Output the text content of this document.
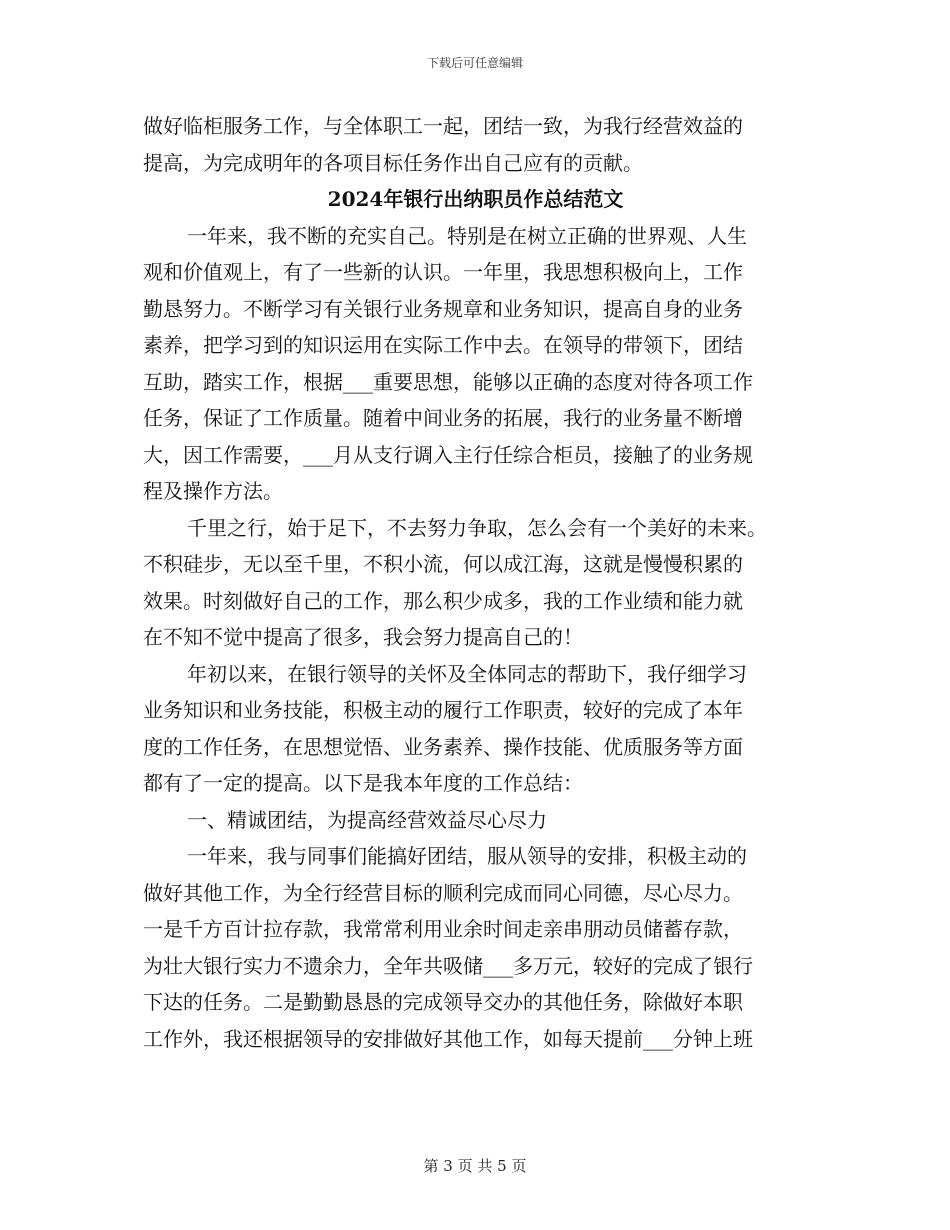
下载后可任意编辑
做好临柜服务工作，与全体职工一起，团结一致，为我行经营效益的
提高，为完成明年的各项目标任务作出自己应有的贡献。
2024年银行出纳职员作总结范文
一年来，我不断的充实自己。特别是在树立正确的世界观、人生
观和价值观上，有了一些新的认识。一年里，我思想积极向上，工作
勤恳努力。不断学习有关银行业务规章和业务知识，提高自身的业务
素养，把学习到的知识运用在实际工作中去。在领导的带领下，团结
互助，踏实工作，根据___重要思想，能够以正确的态度对待各项工作
任务，保证了工作质量。随着中间业务的拓展，我行的业务量不断增
大，因工作需要，___月从支行调入主行任综合柜员，接触了的业务规
程及操作方法。
千里之行，始于足下，不去努力争取，怎么会有一个美好的未来。
不积硅步，无以至千里，不积小流，何以成江海，这就是慢慢积累的
效果。时刻做好自己的工作，那么积少成多，我的工作业绩和能力就
在不知不觉中提高了很多，我会努力提高自己的！
年初以来，在银行领导的关怀及全体同志的帮助下，我仔细学习
业务知识和业务技能，积极主动的履行工作职责，较好的完成了本年
度的工作任务，在思想觉悟、业务素养、操作技能、优质服务等方面
都有了一定的提高。以下是我本年度的工作总结：
一、精诚团结，为提高经营效益尽心尽力
一年来，我与同事们能搞好团结，服从领导的安排，积极主动的
做好其他工作，为全行经营目标的顺利完成而同心同德，尽心尽力。
一是千方百计拉存款，我常常利用业余时间走亲串朋动员储蓄存款，
为壮大银行实力不遗余力，全年共吸储___多万元，较好的完成了银行
下达的任务。二是勤勤恳恳的完成领导交办的其他任务，除做好本职
工作外，我还根据领导的安排做好其他工作，如每天提前___分钟上班
第 3 页 共 5 页
